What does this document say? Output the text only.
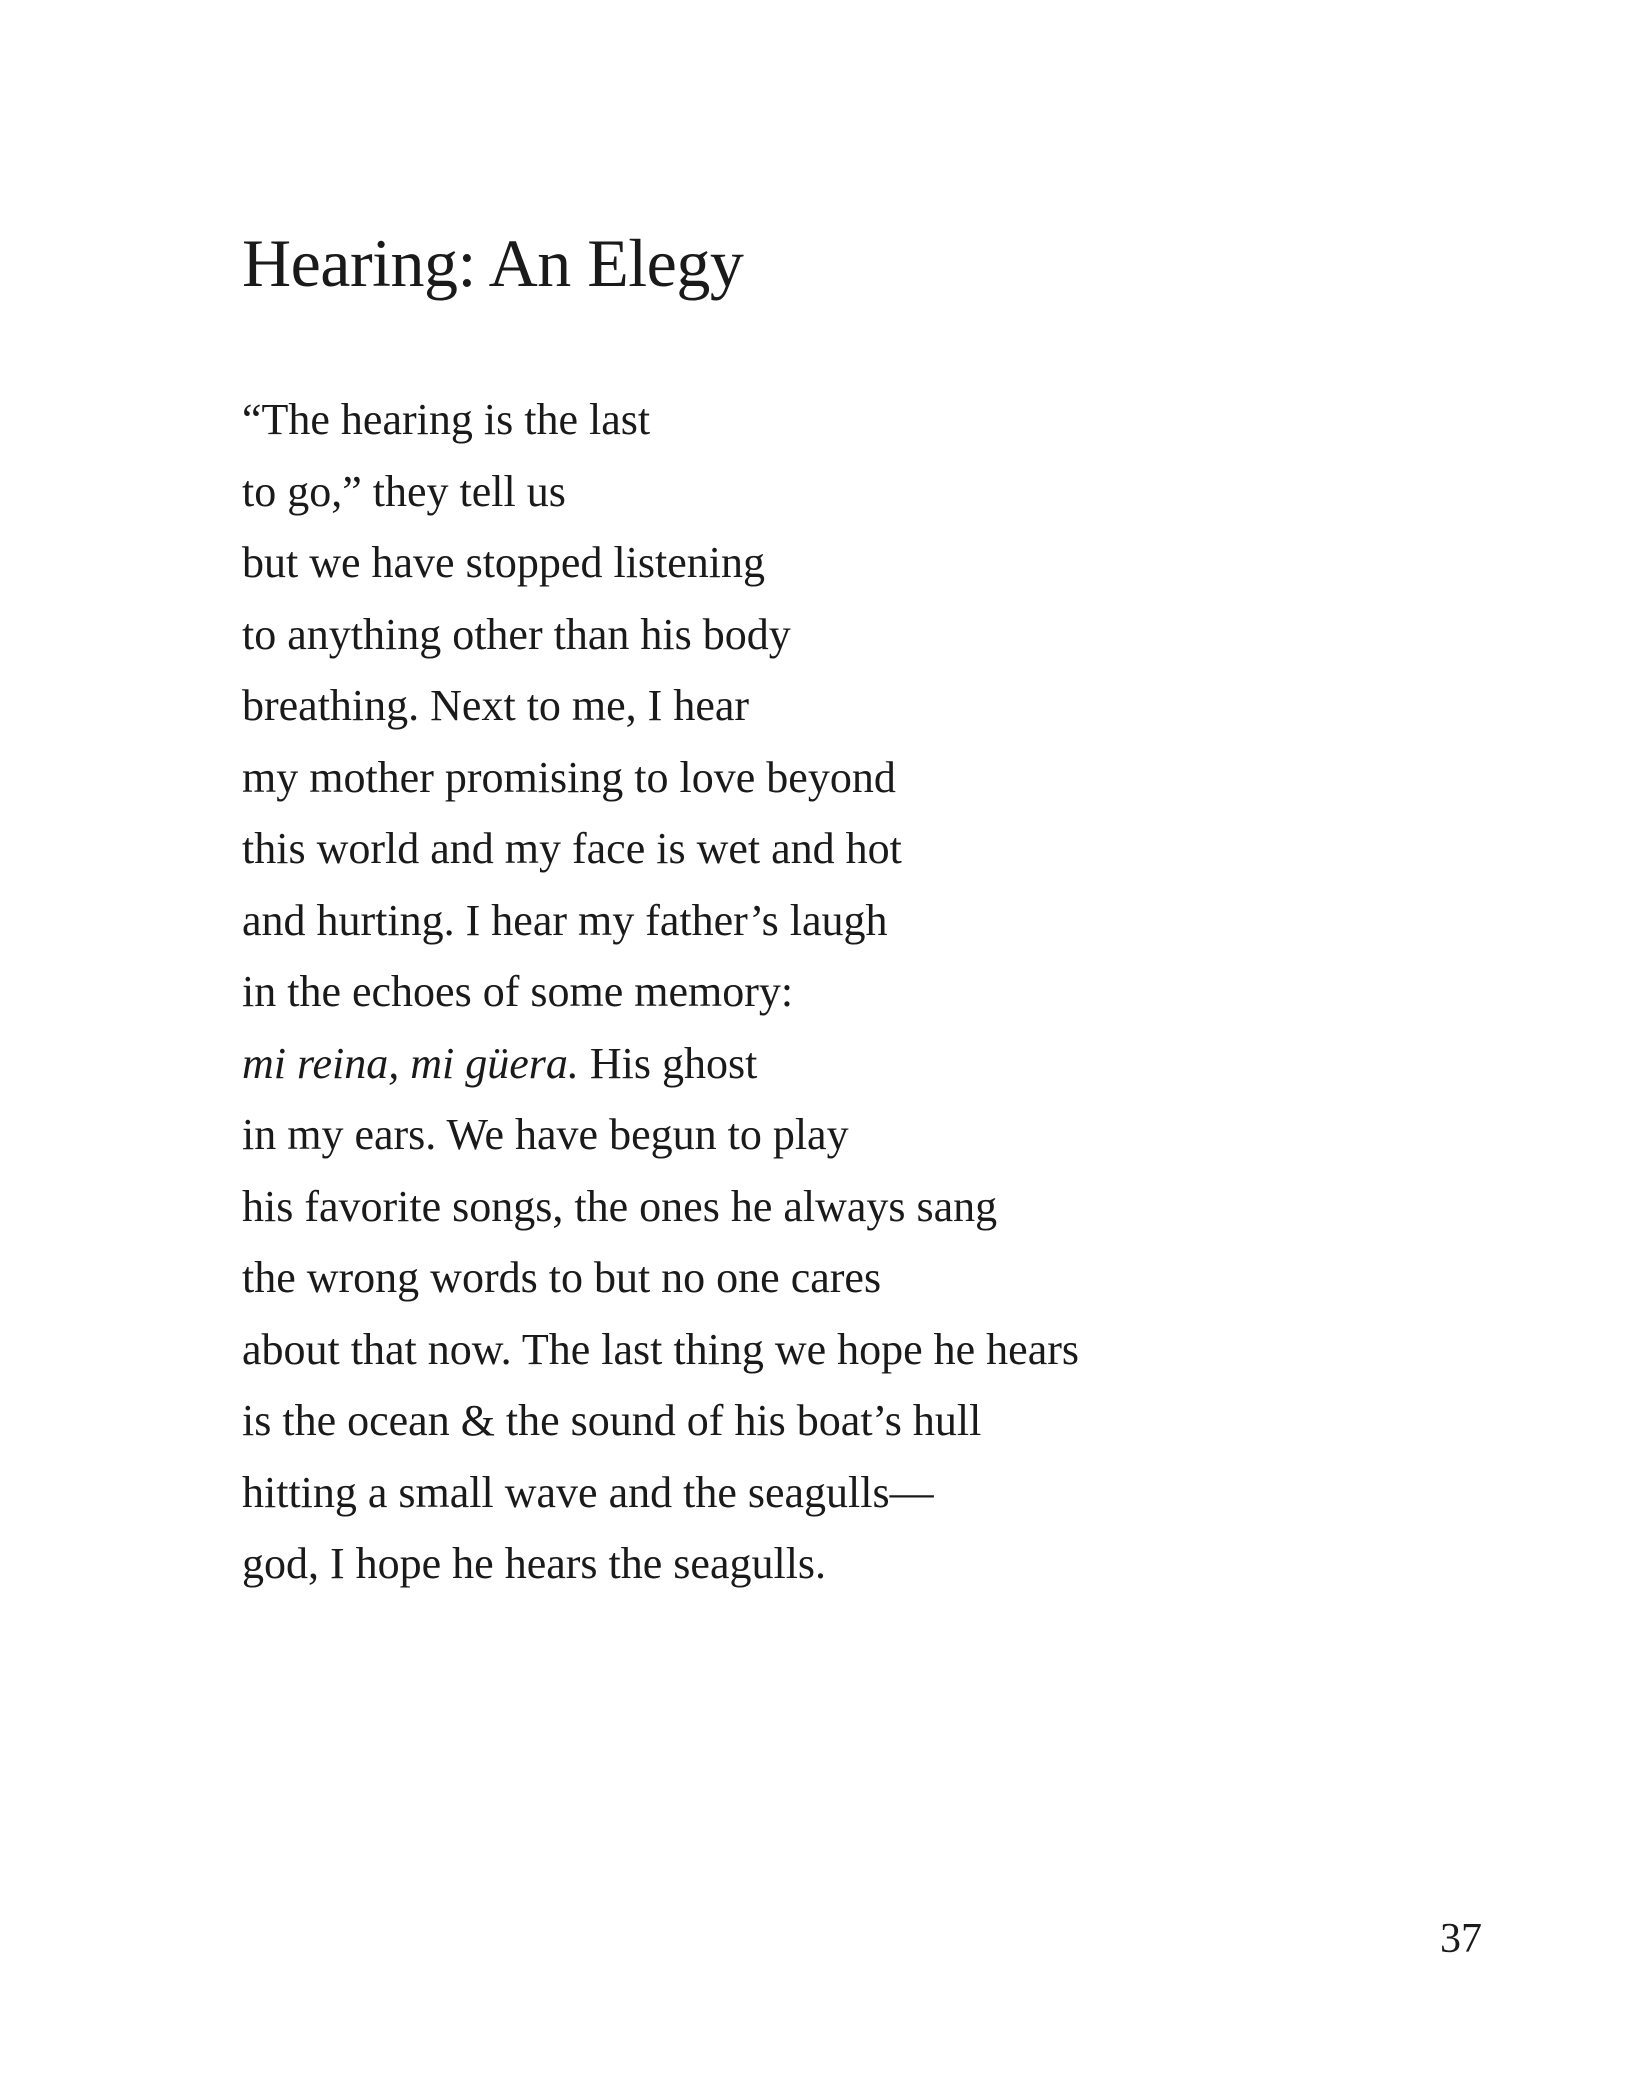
Hearing: An Elegy
“The hearing is the last
to go,” they tell us
but we have stopped listening
to anything other than his body
breathing. Next to me, I hear
my mother promising to love beyond
this world and my face is wet and hot
and hurting. I hear my father’s laugh
in the echoes of some memory:
mi reina, mi güera. His ghost
in my ears. We have begun to play
his favorite songs, the ones he always sang
the wrong words to but no one cares
about that now. The last thing we hope he hears
is the ocean & the sound of his boat’s hull
hitting a small wave and the seagulls—
god, I hope he hears the seagulls.
37
